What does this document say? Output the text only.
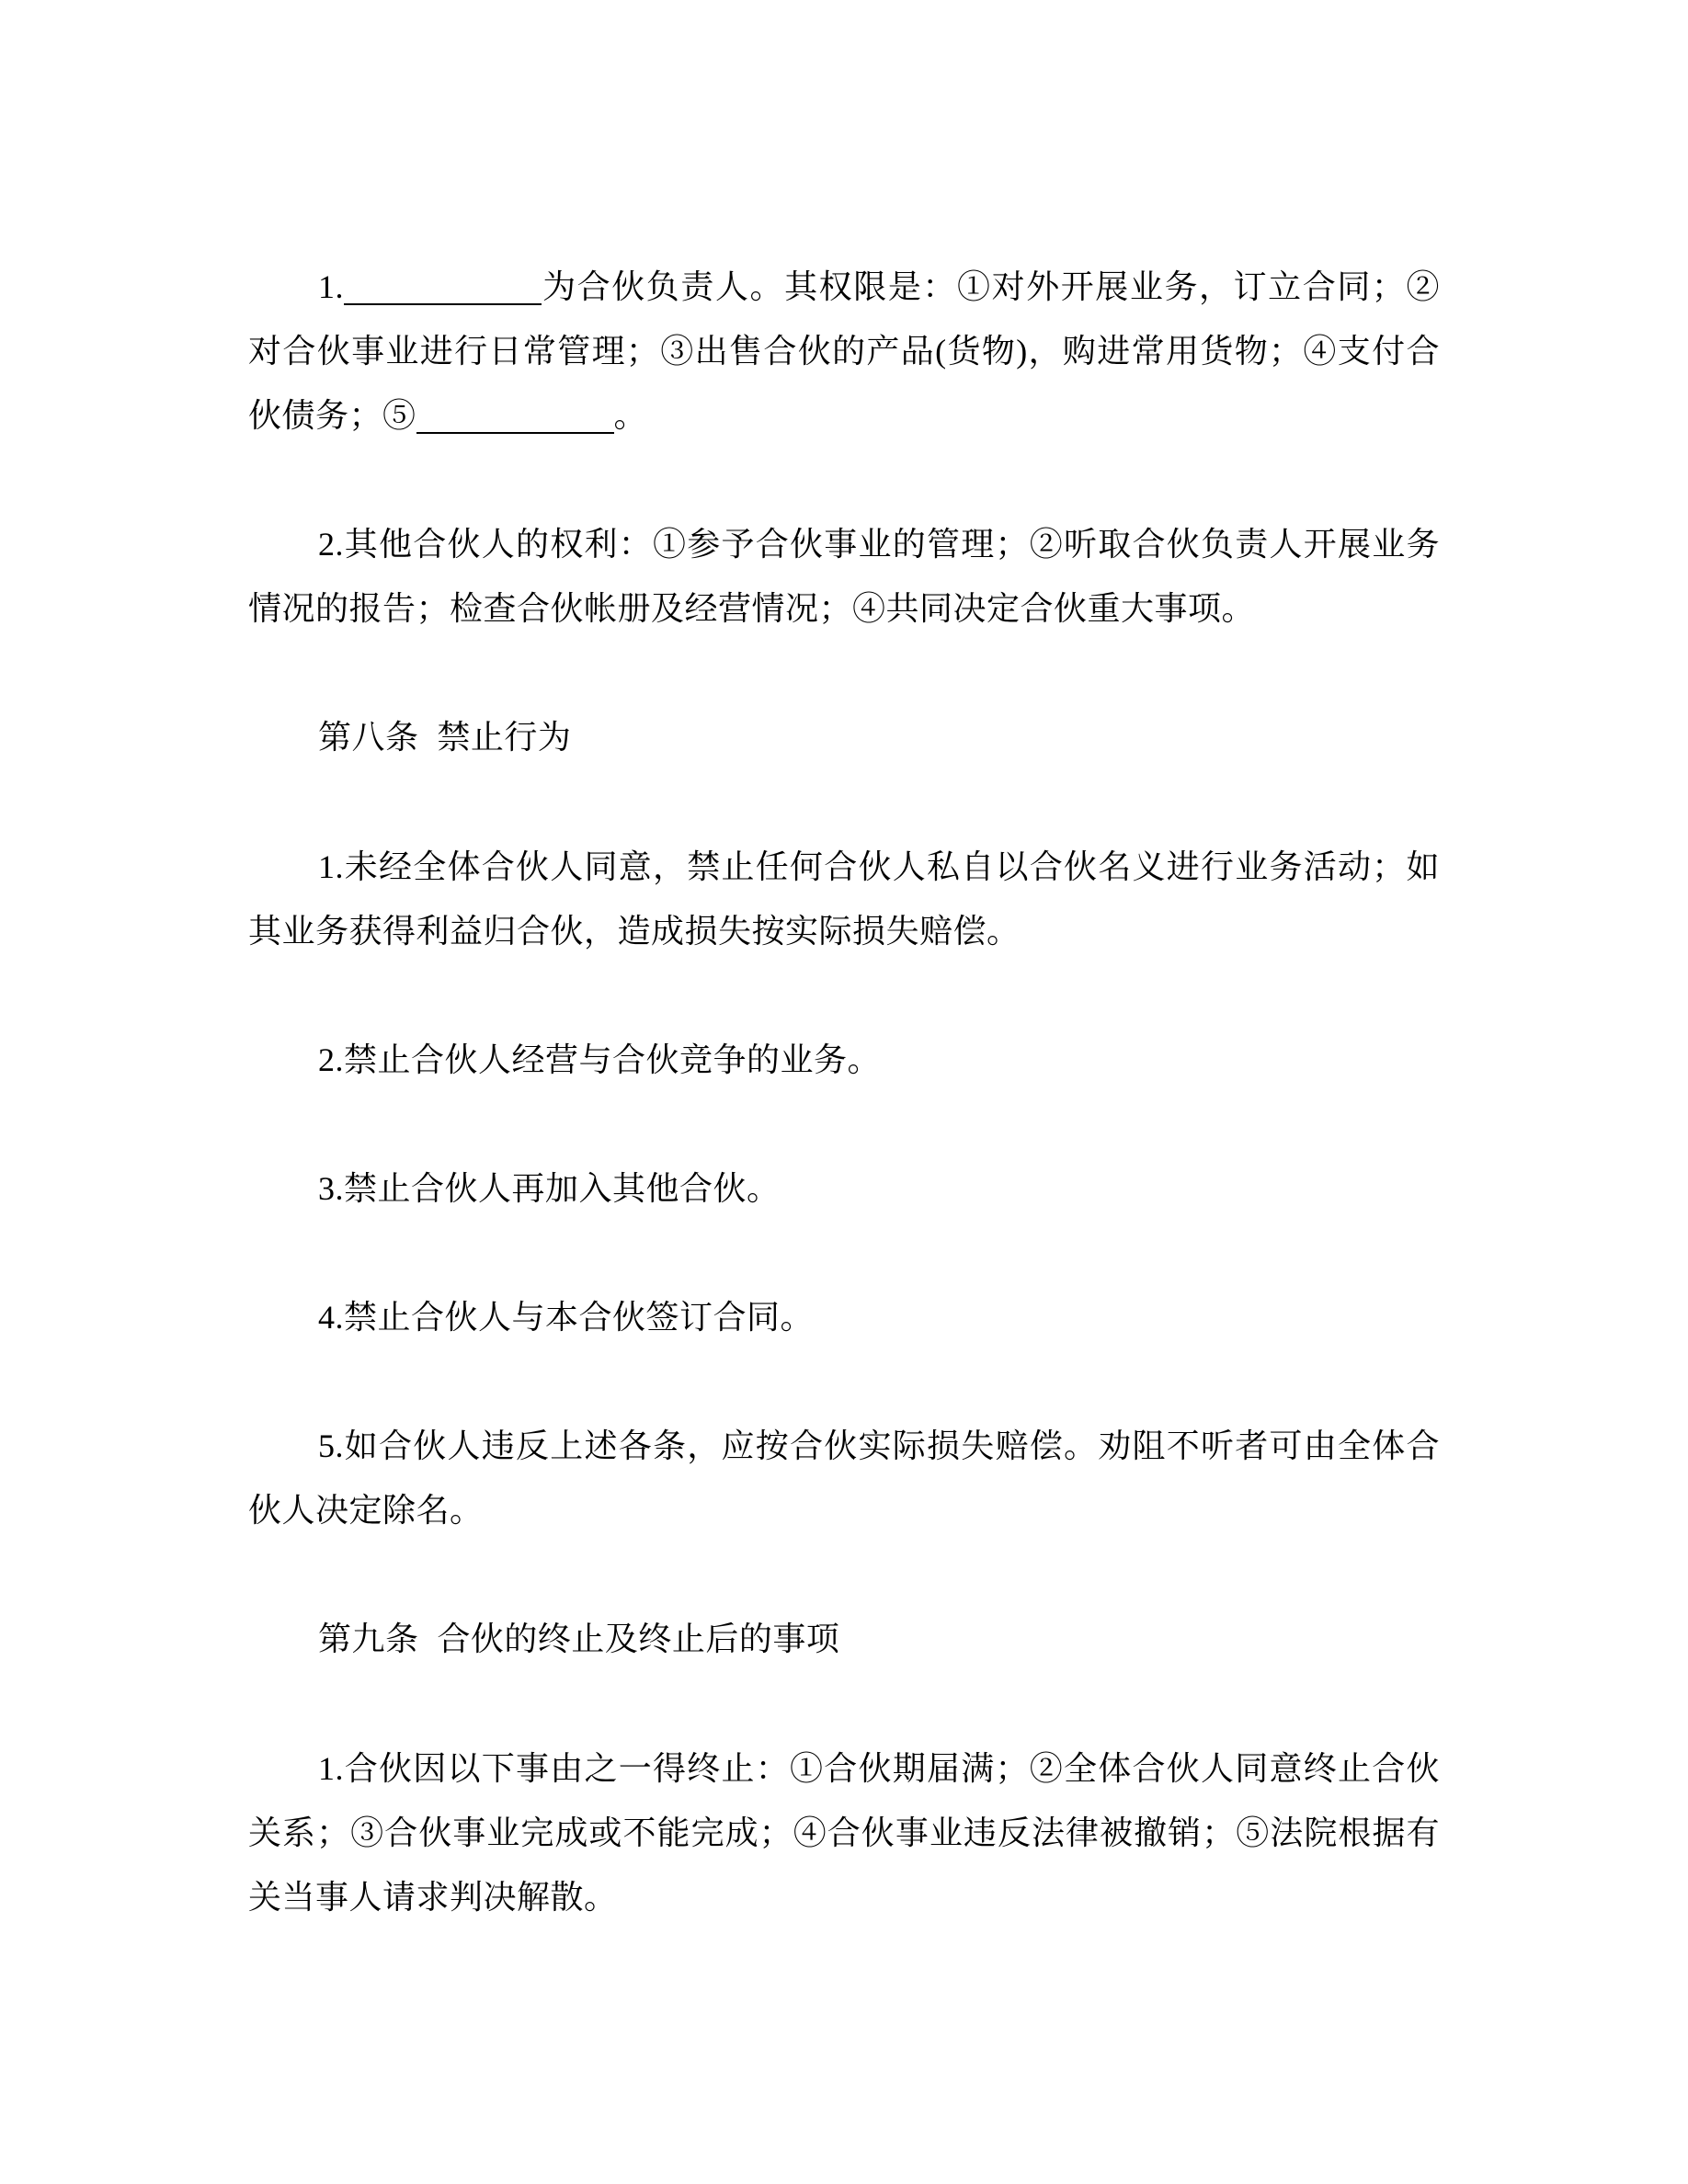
1.	为合伙负责人。其权限是：①对外开展业务，订立合同；②对合伙事业进行日常管理；③出售合伙的产品(货物)，购进常用货物；④支付合伙债务；⑤	。
2.其他合伙人的权利：①参予合伙事业的管理；②听取合伙负责人开展业务情况的报告；检查合伙帐册及经营情况；④共同决定合伙重大事项。
第八条 禁止行为
1.未经全体合伙人同意，禁止任何合伙人私自以合伙名义进行业务活动；如其业务获得利益归合伙，造成损失按实际损失赔偿。
2.禁止合伙人经营与合伙竞争的业务。
3.禁止合伙人再加入其他合伙。
4.禁止合伙人与本合伙签订合同。
5.如合伙人违反上述各条，应按合伙实际损失赔偿。劝阻不听者可由全体合伙人决定除名。
第九条 合伙的终止及终止后的事项
1.合伙因以下事由之一得终止：①合伙期届满；②全体合伙人同意终止合伙关系；③合伙事业完成或不能完成；④合伙事业违反法律被撤销；⑤法院根据有关当事人请求判决解散。
